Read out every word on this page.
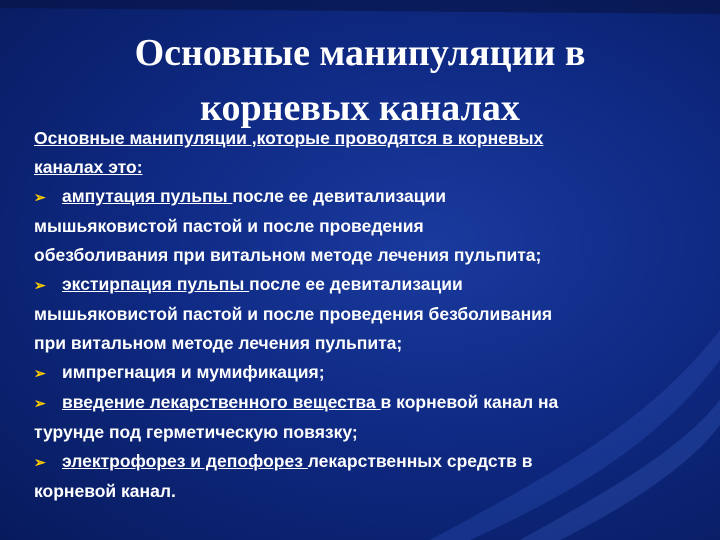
Основные манипуляции в
корневых каналах
Основные манипуляции ,которые проводятся в корневых
каналах это:
➢ ампутация пульпы после ее девитализации
мышьяковистой пастой и после проведения
обезболивания при витальном методе лечения пульпита;
➢ экстирпация пульпы после ее девитализации
мышьяковистой пастой и после проведения безболивания
при витальном методе лечения пульпита;
➢ импрегнация и мумификация;
➢ введение лекарственного вещества в корневой канал на
турунде под герметическую повязку;
➢ электрофорез и депофорез лекарственных средств в
корневой канал.
